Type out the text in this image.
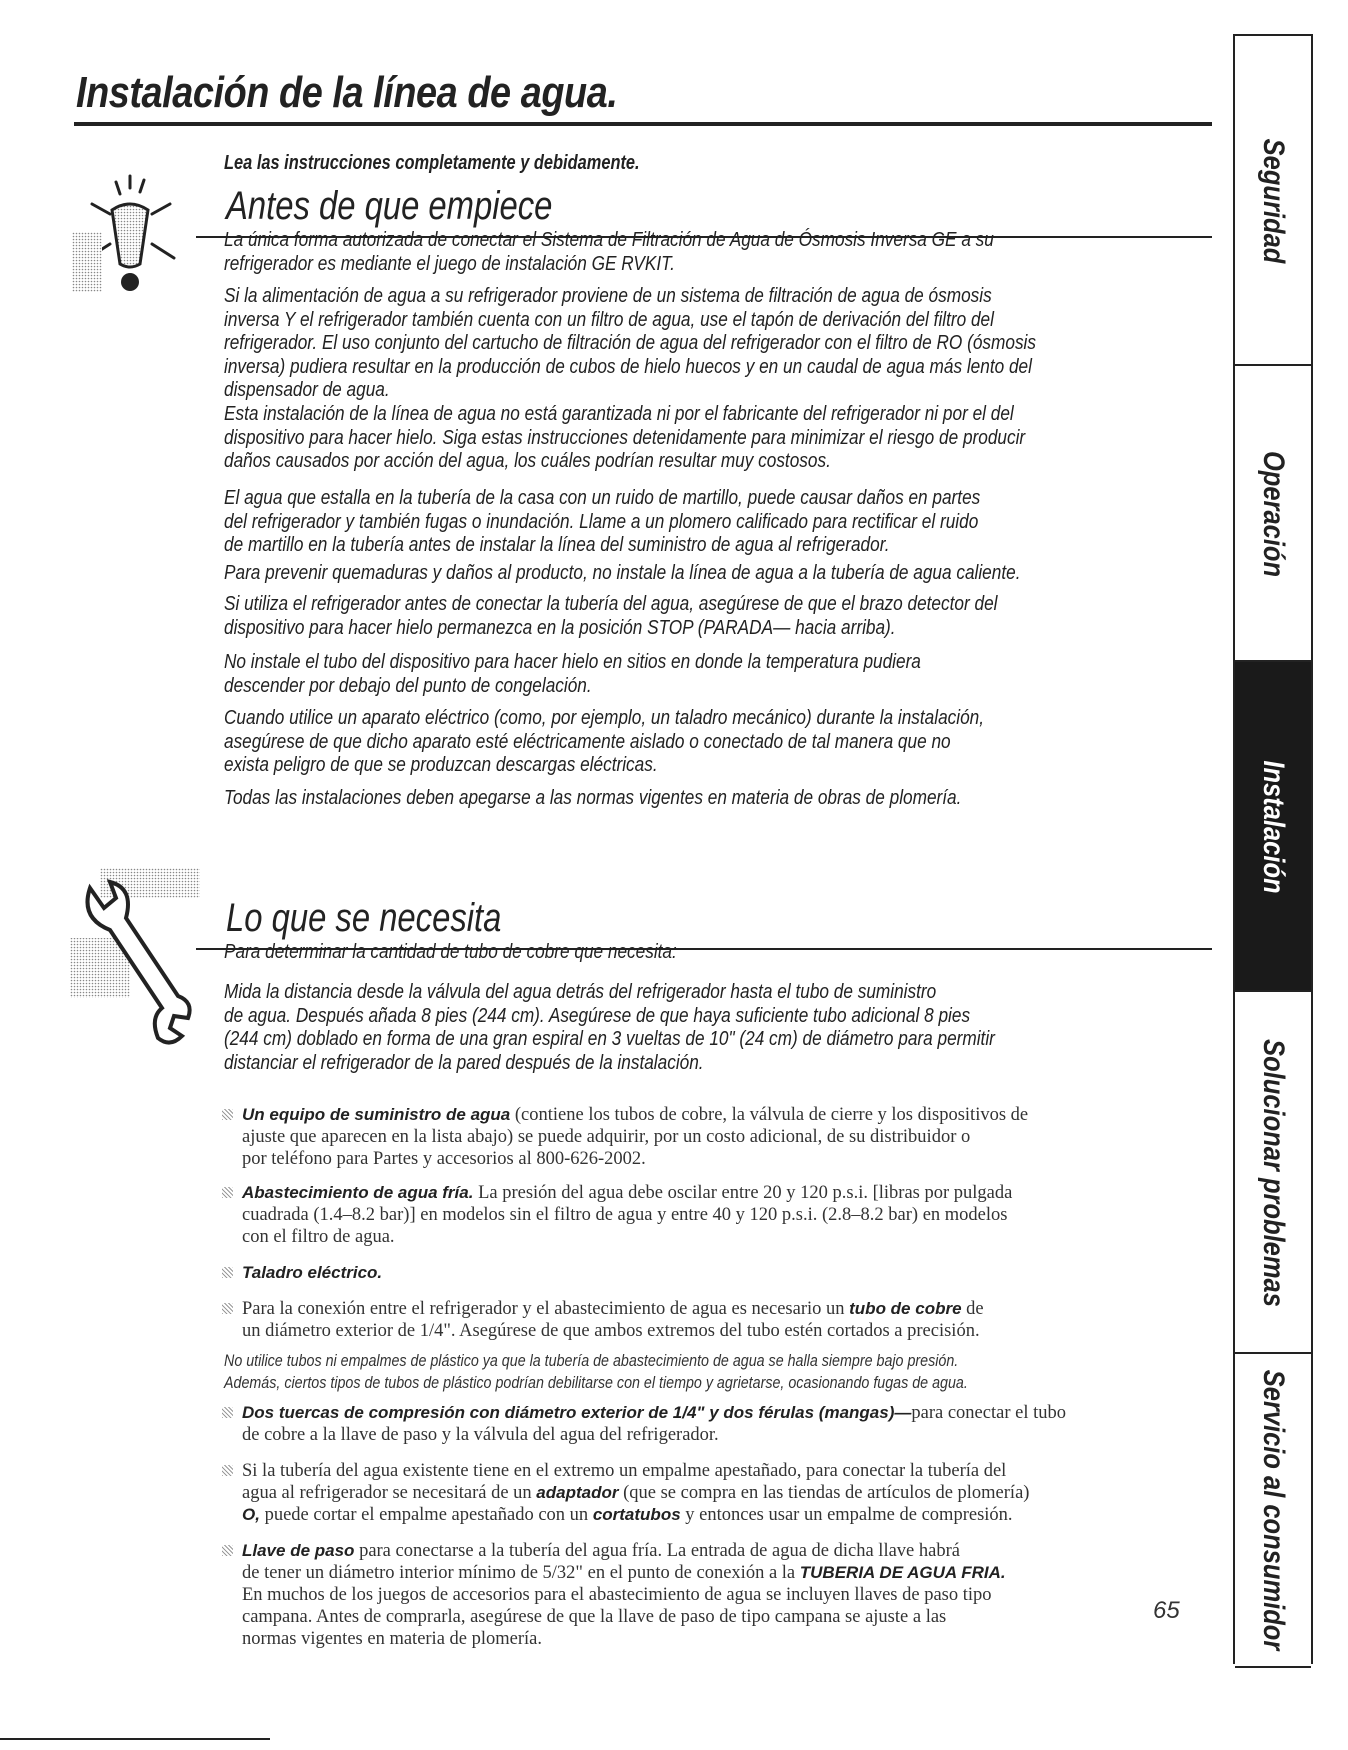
Instalación de la línea de agua.
Lea las instrucciones completamente y debidamente.
Antes de que empiece
La única forma autorizada de conectar el Sistema de Filtración de Agua de Ósmosis Inversa GE a su
refrigerador es mediante el juego de instalación GE RVKIT.
Si la alimentación de agua a su refrigerador proviene de un sistema de filtración de agua de ósmosis
inversa Y el refrigerador también cuenta con un filtro de agua, use el tapón de derivación del filtro del
refrigerador. El uso conjunto del cartucho de filtración de agua del refrigerador con el filtro de RO (ósmosis
inversa) pudiera resultar en la producción de cubos de hielo huecos y en un caudal de agua más lento del
dispensador de agua.
Esta instalación de la línea de agua no está garantizada ni por el fabricante del refrigerador ni por el del
dispositivo para hacer hielo. Siga estas instrucciones detenidamente para minimizar el riesgo de producir
daños causados por acción del agua, los cuáles podrían resultar muy costosos.
El agua que estalla en la tubería de la casa con un ruido de martillo, puede causar daños en partes
del refrigerador y también fugas o inundación. Llame a un plomero calificado para rectificar el ruido
de martillo en la tubería antes de instalar la línea del suministro de agua al refrigerador.
Para prevenir quemaduras y daños al producto, no instale la línea de agua a la tubería de agua caliente.
Si utiliza el refrigerador antes de conectar la tubería del agua, asegúrese de que el brazo detector del
dispositivo para hacer hielo permanezca en la posición STOP (PARADA— hacia arriba).
No instale el tubo del dispositivo para hacer hielo en sitios en donde la temperatura pudiera
descender por debajo del punto de congelación.
Cuando utilice un aparato eléctrico (como, por ejemplo, un taladro mecánico) durante la instalación,
asegúrese de que dicho aparato esté eléctricamente aislado o conectado de tal manera que no
exista peligro de que se produzcan descargas eléctricas.
Todas las instalaciones deben apegarse a las normas vigentes en materia de obras de plomería.
Lo que se necesita
Para determinar la cantidad de tubo de cobre que necesita:
Mida la distancia desde la válvula del agua detrás del refrigerador hasta el tubo de suministro
de agua. Después añada 8 pies (244 cm). Asegúrese de que haya suficiente tubo adicional 8 pies
(244 cm) doblado en forma de una gran espiral en 3 vueltas de 10" (24 cm) de diámetro para permitir
distanciar el refrigerador de la pared después de la instalación.
Un equipo de suministro de agua (contiene los tubos de cobre, la válvula de cierre y los dispositivos de
ajuste que aparecen en la lista abajo) se puede adquirir, por un costo adicional, de su distribuidor o
por teléfono para Partes y accesorios al 800-626-2002.
Abastecimiento de agua fría. La presión del agua debe oscilar entre 20 y 120 p.s.i. [libras por pulgada
cuadrada (1.4–8.2 bar)] en modelos sin el filtro de agua y entre 40 y 120 p.s.i. (2.8–8.2 bar) en modelos
con el filtro de agua.
Taladro eléctrico.
Para la conexión entre el refrigerador y el abastecimiento de agua es necesario un tubo de cobre de
un diámetro exterior de 1/4". Asegúrese de que ambos extremos del tubo estén cortados a precisión.
No utilice tubos ni empalmes de plástico ya que la tubería de abastecimiento de agua se halla siempre bajo presión.
Además, ciertos tipos de tubos de plástico podrían debilitarse con el tiempo y agrietarse, ocasionando fugas de agua.
Dos tuercas de compresión con diámetro exterior de 1/4" y dos férulas (mangas)—para conectar el tubo
de cobre a la llave de paso y la válvula del agua del refrigerador.
Si la tubería del agua existente tiene en el extremo un empalme apestañado, para conectar la tubería del
agua al refrigerador se necesitará de un adaptador (que se compra en las tiendas de artículos de plomería)
O, puede cortar el empalme apestañado con un cortatubos y entonces usar un empalme de compresión.
Llave de paso para conectarse a la tubería del agua fría. La entrada de agua de dicha llave habrá
de tener un diámetro interior mínimo de 5/32" en el punto de conexión a la TUBERIA DE AGUA FRIA.
En muchos de los juegos de accesorios para el abastecimiento de agua se incluyen llaves de paso tipo
campana. Antes de comprarla, asegúrese de que la llave de paso de tipo campana se ajuste a las
normas vigentes en materia de plomería.
Seguridad
Operación
Instalación
Solucionar problemas
Servicio al consumidor
65
